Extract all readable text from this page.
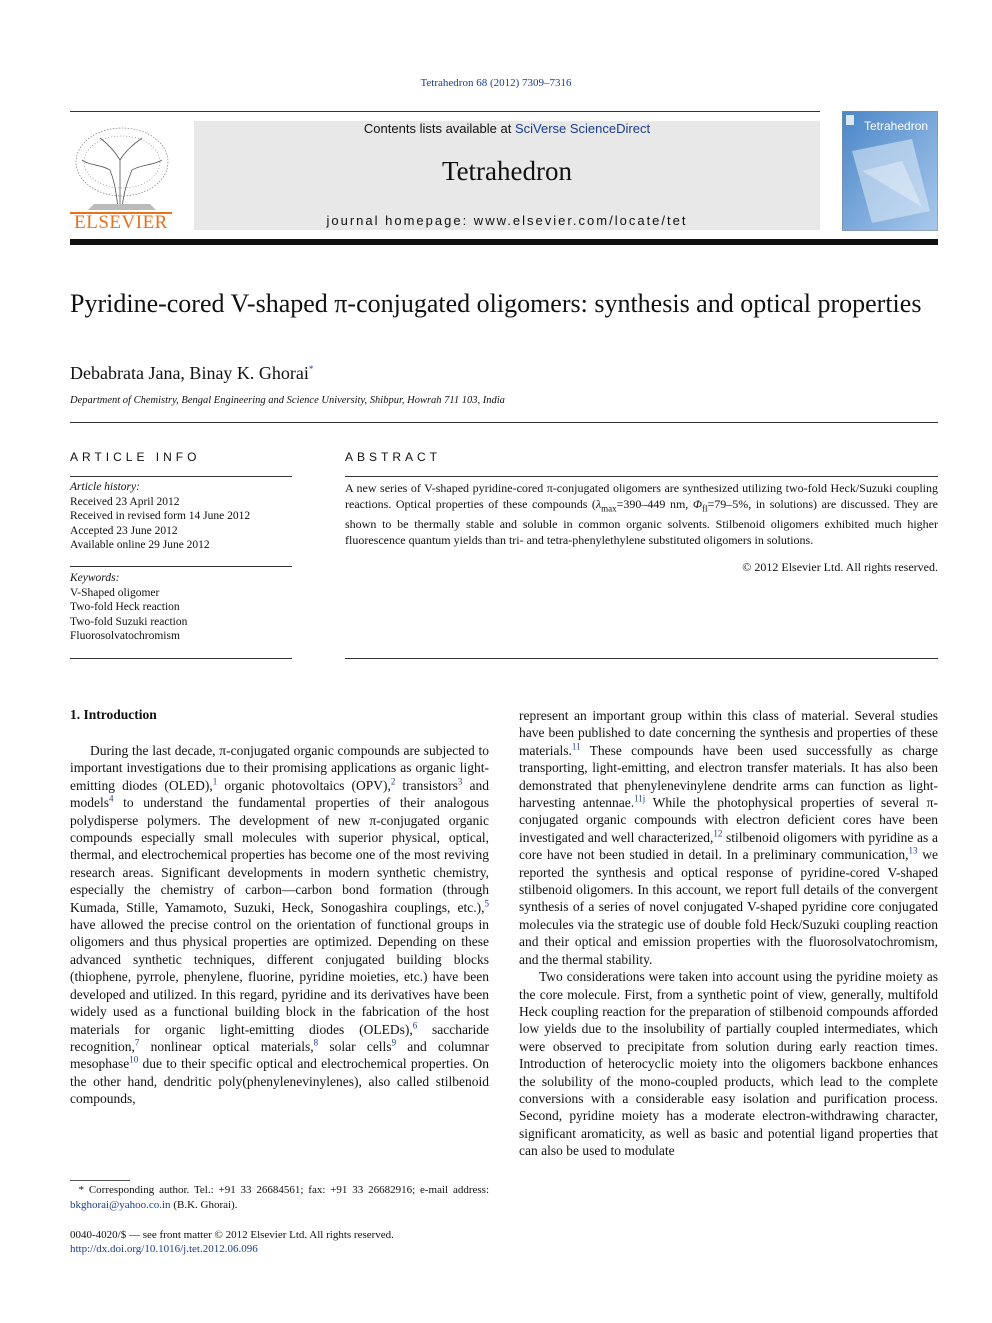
Tetrahedron 68 (2012) 7309–7316
ELSEVIER
Contents lists available at SciVerse ScienceDirect
Tetrahedron
journal homepage: www.elsevier.com/locate/tet
Tetrahedron
Pyridine-cored V-shaped π-conjugated oligomers: synthesis and optical properties
Debabrata Jana, Binay K. Ghorai*
Department of Chemistry, Bengal Engineering and Science University, Shibpur, Howrah 711 103, India
ARTICLE INFO
Article history:
Received 23 April 2012
Received in revised form 14 June 2012
Accepted 23 June 2012
Available online 29 June 2012
Keywords:
V-Shaped oligomer
Two-fold Heck reaction
Two-fold Suzuki reaction
Fluorosolvatochromism
ABSTRACT
A new series of V-shaped pyridine-cored π-conjugated oligomers are synthesized utilizing two-fold Heck/Suzuki coupling reactions. Optical properties of these compounds ($\lambda_{max}=390-449$ nm, $\Phi_{fl}=79-5\%$, in solutions) are discussed. They are shown to be thermally stable and soluble in common organic solvents. Stilbenoid oligomers exhibited much higher fluorescence quantum yields than tri- and tetra-phenylethylene substituted oligomers in solutions.
© 2012 Elsevier Ltd. All rights reserved.
1. Introduction

During the last decade, π-conjugated organic compounds are subjected to important investigations due to their promising applications as organic light-emitting diodes (OLED),$^1$ organic photovoltaics (OPV),$^2$ transistors$^3$ and models$^4$ to understand the fundamental properties of their analogous polydisperse polymers. The development of new π-conjugated organic compounds especially small molecules with superior physical, optical, thermal, and electrochemical properties has become one of the most reviving research areas. Significant developments in modern synthetic chemistry, especially the chemistry of carbon—carbon bond formation (through Kumada, Stille, Yamamoto, Suzuki, Heck, Sonogashira couplings, etc.),$^5$ have allowed the precise control on the orientation of functional groups in oligomers and thus physical properties are optimized. Depending on these advanced synthetic techniques, different conjugated building blocks (thiophene, pyrrole, phenylene, fluorine, pyridine moieties, etc.) have been developed and utilized. In this regard, pyridine and its derivatives have been widely used as a functional building block in the fabrication of the host materials for organic light-emitting diodes (OLEDs),$^6$ saccharide recognition,$^7$ nonlinear optical materials,$^8$ solar cells$^9$ and columnar mesophase$^{10}$ due to their specific optical and electrochemical properties. On the other hand, dendritic poly(phenylenevinylenes), also called stilbenoid compounds,

represent an important group within this class of material. Several studies have been published to date concerning the synthesis and properties of these materials.$^{11}$ These compounds have been used successfully as charge transporting, light-emitting, and electron transfer materials. It has also been demonstrated that phenylenevinylene dendrite arms can function as light-harvesting antennae.$^{11j}$ While the photophysical properties of several π-conjugated organic compounds with electron deficient cores have been investigated and well characterized,$^{12}$ stilbenoid oligomers with pyridine as a core have not been studied in detail. In a preliminary communication,$^{13}$ we reported the synthesis and optical response of pyridine-cored V-shaped stilbenoid oligomers. In this account, we report full details of the convergent synthesis of a series of novel conjugated V-shaped pyridine core conjugated molecules via the strategic use of double fold Heck/Suzuki coupling reaction and their optical and emission properties with the fluorosolvatochromism, and the thermal stability.

Two considerations were taken into account using the pyridine moiety as the core molecule. First, from a synthetic point of view, generally, multifold Heck coupling reaction for the preparation of stilbenoid compounds afforded low yields due to the insolubility of partially coupled intermediates, which were observed to precipitate from solution during early reaction times. Introduction of heterocyclic moiety into the oligomers backbone enhances the solubility of the mono-coupled products, which lead to the complete conversions with a considerable easy isolation and purification process. Second, pyridine moiety has a moderate electron-withdrawing character, significant aromaticity, as well as basic and potential ligand properties that can also be used to modulate

* Corresponding author. Tel.: +91 33 26684561; fax: +91 33 26682916; e-mail address: bkghorai@yahoo.co.in (B.K. Ghorai).
0040-4020/$ — see front matter © 2012 Elsevier Ltd. All rights reserved.
http://dx.doi.org/10.1016/j.tet.2012.06.096
